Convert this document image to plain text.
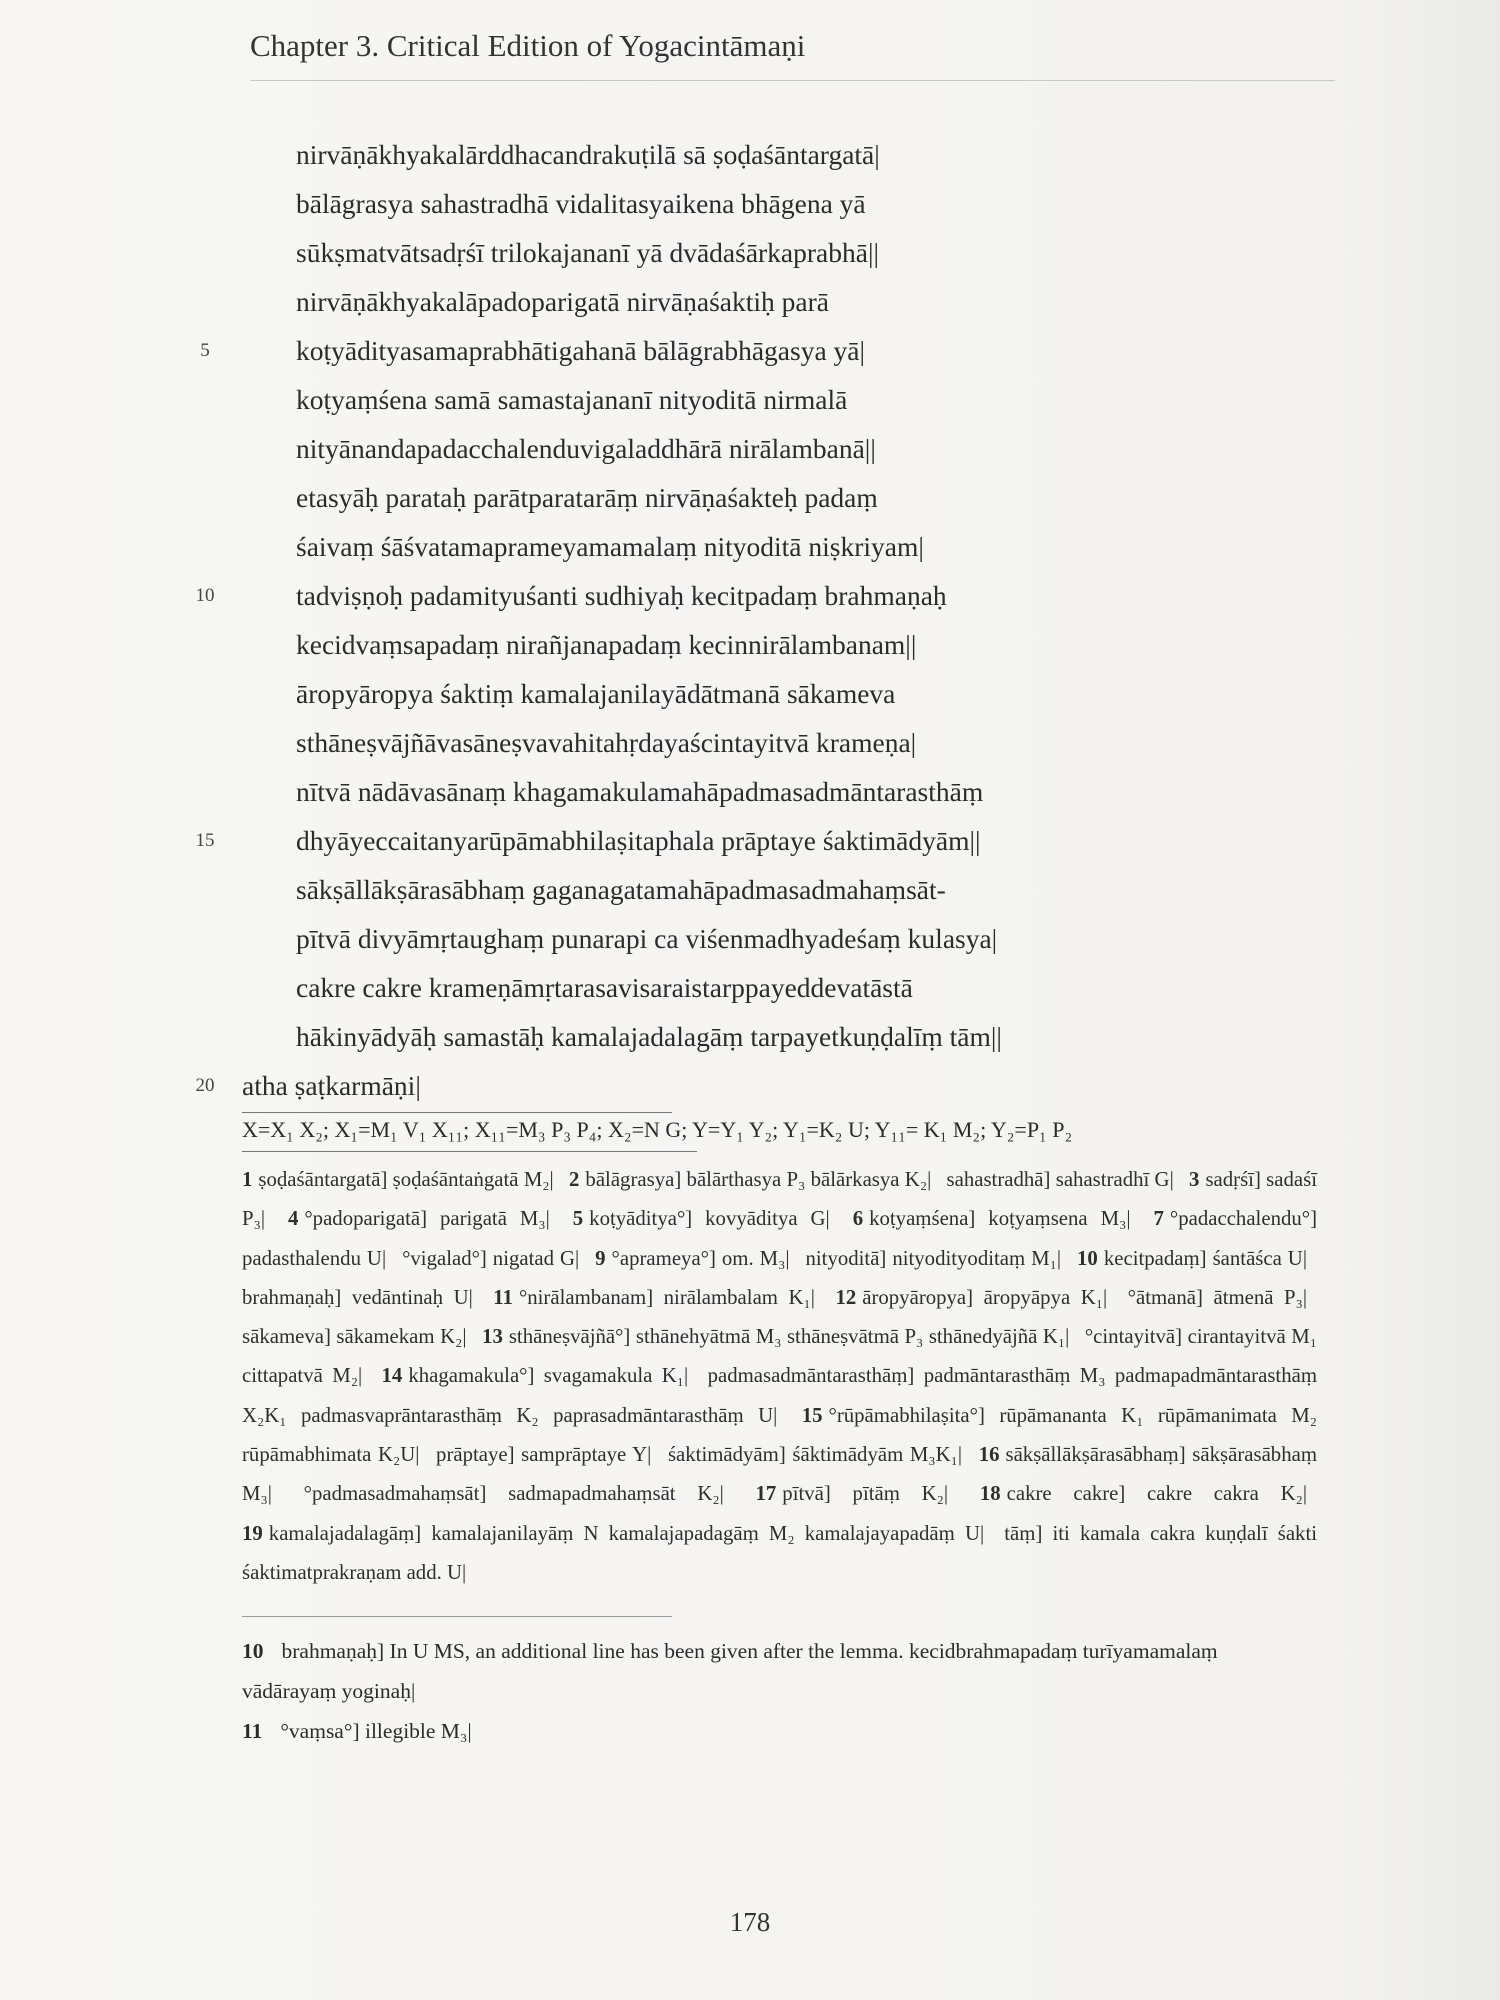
Chapter 3. Critical Edition of Yogacintāmaṇi
nirvāṇākhyakalārddhacandrakuṭilā sā ṣoḍaśāntargatā|
bālāgrasya sahastradhā vidalitasyaikena bhāgena yā
sūkṣmatvātsadṛśī trilokajananī yā dvādaśārkaprabhā||
nirvāṇākhyakalāpadoparigatā nirvāṇaśaktiḥ parā
5	koṭyādityasamaprabhātigahanā bālāgrabhāgasya yā|
koṭyaṃśena samā samastajananī nityoditā nirmalā
nityānandapadacchalenduvigaladdhārā nirālambanā||
etasyāḥ parataḥ parātparatarāṃ nirvāṇaśakteḥ padaṃ
śaivaṃ śāśvatamaprameyamamalaṃ nityoditā niṣkriyam|
10	tadviṣṇoḥ padamityuśanti sudhiyaḥ kecitpadaṃ brahmaṇaḥ
kecidvaṃsapadaṃ nirañjanapadaṃ kecinnirālambanam||
āropyāropya śaktiṃ kamalajanilayādātmanā sākameva
sthāneṣvājñāvasāneṣvavahitahṛdayaścintayitvā krameṇa|
nītvā nādāvasānaṃ khagamakulamahāpadmasadmāntarasthāṃ
15	dhyāyeccaitanyarūpāmabhilaṣitaphala prāptaye śaktimādyām||
sākṣāllākṣārasābhaṃ gaganagatamahāpadmasadmahaṃsāt-
pītvā divyāmṛtaughaṃ punarapi ca viśenmadhyadeśaṃ kulasya|
cakre cakre krameṇāmṛtarasavisaraistarppayeddevatāstā
hākinyādyāḥ samastāḥ kamalajadalagāṃ tarpayetkuṇḍalīṃ tām||
20	atha ṣaṭkarmāṇi|
X=X₁ X₂; X₁=M₁ V₁ X₁₁; X₁₁=M₃ P₃ P₄; X₂=N G; Y=Y₁ Y₂; Y₁=K₂ U; Y₁₁= K₁ M₂; Y₂=P₁ P₂
1 ṣoḍaśāntargatā] ṣoḍaśāntaṅgatā M₂| 2 bālāgrasya] bālārthasya P₃ bālārkasya K₂| sahastradhā] sahastradhī G| 3 sadṛśī] sadaśī P₃| 4 °padoparigatā] parigatā M₃| 5 koṭyāditya°] kovyāditya G| 6 koṭyaṃśena] koṭyaṃsena M₃| 7 °padacchalendu°] padasthalendu U| °vigalad°] nigatad G| 9 °aprameya°] om. M₃| nityoditā] nityodityoditaṃ M₁| 10 kecitpadaṃ] śantāśca U| brahmaṇaḥ] vedāntinaḥ U| 11 °nirālambanam] nirālambalam K₁| 12 āropyāropya] āropyāpya K₁| °ātmanā] ātmenā P₃| sākameva] sākamekam K₂| 13 sthāneṣvājñā°] sthānehyātmā M₃ sthāneṣvātmā P₃ sthānedyājñā K₁| °cintayitvā] cirantayitvā M₁ cittapatvā M₂| 14 khagamakula°] svagamakula K₁| padmasadmāntarasthāṃ] padmāntarasthāṃ M₃ padmapadmāntarasthāṃ X₂K₁ padmasvaprāntarasthāṃ K₂ paprasadmāntarasthāṃ U| 15 °rūpāmabhilaṣita°] rūpāmananta K₁ rūpāmanimata M₂ rūpāmabhimata K₂U| prāptaye] samprāptaye Y| śaktimādyām] śāktimādyām M₃K₁| 16 sākṣāllākṣārasābhaṃ] sākṣārasābhaṃ M₃| °padmasadmahaṃsāt] sadmapadmahaṃsāt K₂| 17 pītvā] pītāṃ K₂| 18 cakre cakre] cakre cakra K₂| 19 kamalajadalagāṃ] kamalajanilayāṃ N kamalajapadagāṃ M₂ kamalajayapadāṃ U| tāṃ] iti kamala cakra kuṇḍalī śakti śaktimatprakraṇam add. U|
10 brahmaṇaḥ] In U MS, an additional line has been given after the lemma. kecidbrahmapadaṃ turīyamamalaṃ vādārayaṃ yoginaḥ|
11 °vaṃsa°] illegible M₃|
178
